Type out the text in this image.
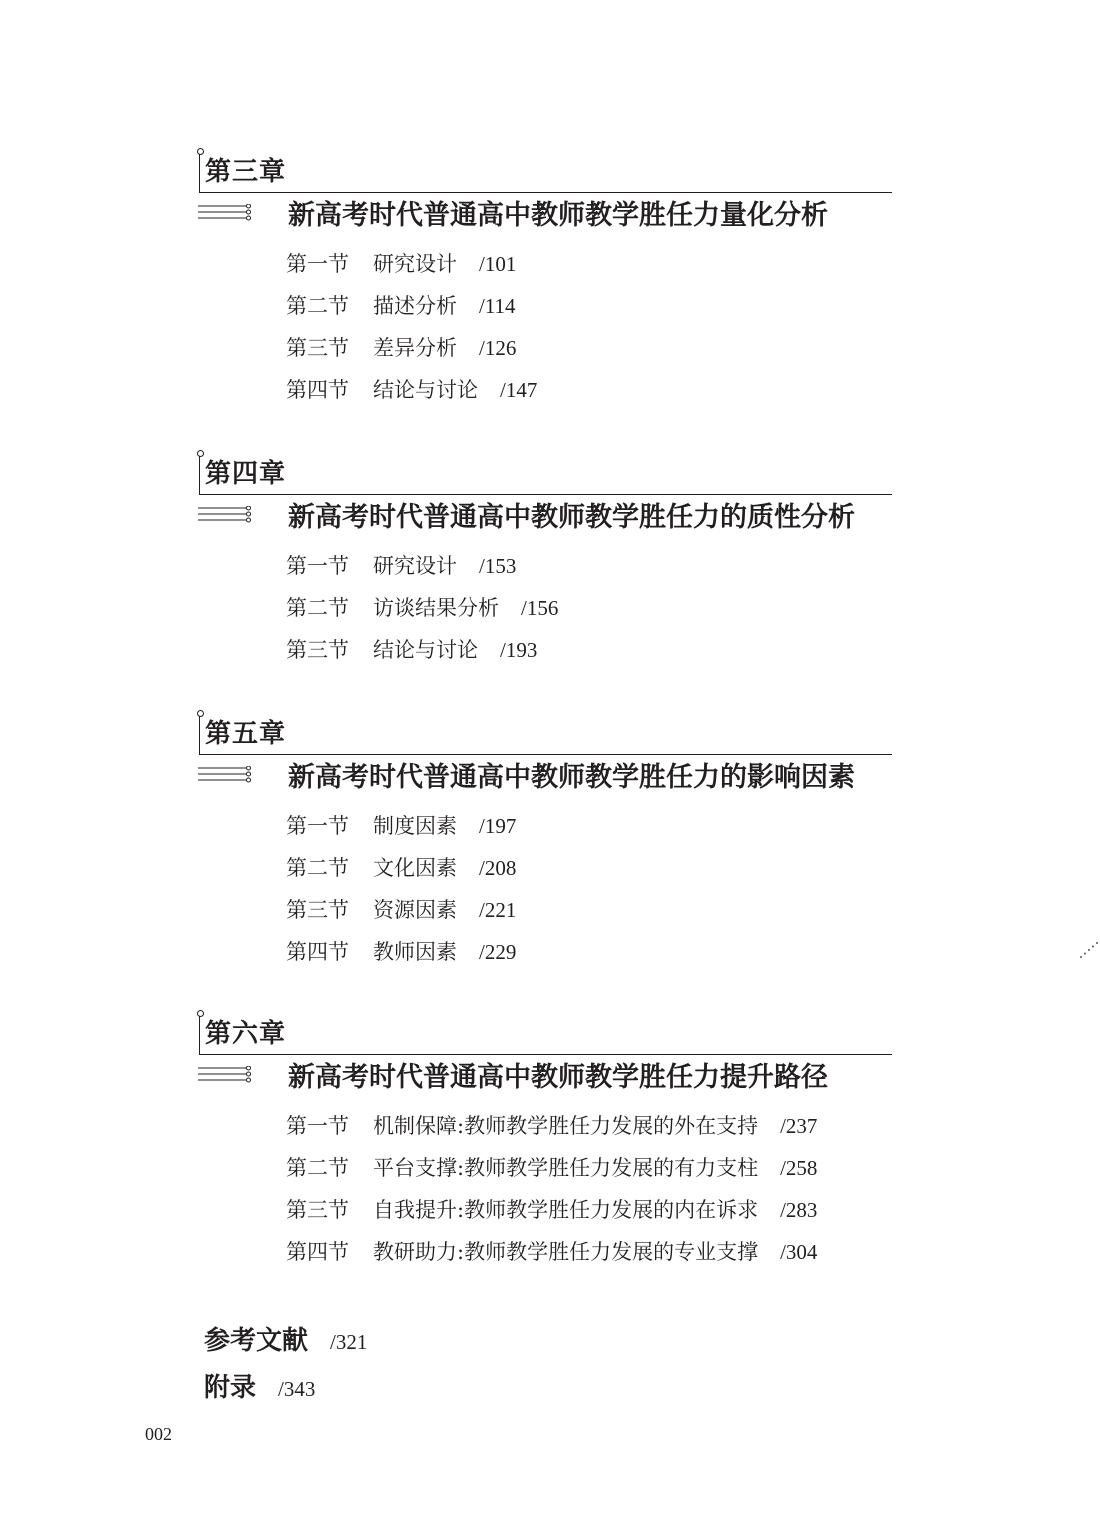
第三章
新高考时代普通高中教师教学胜任力量化分析
第一节 研究设计 /101
第二节 描述分析 /114
第三节 差异分析 /126
第四节 结论与讨论 /147
第四章
新高考时代普通高中教师教学胜任力的质性分析
第一节 研究设计 /153
第二节 访谈结果分析 /156
第三节 结论与讨论 /193
第五章
新高考时代普通高中教师教学胜任力的影响因素
第一节 制度因素 /197
第二节 文化因素 /208
第三节 资源因素 /221
第四节 教师因素 /229
第六章
新高考时代普通高中教师教学胜任力提升路径
第一节 机制保障:教师教学胜任力发展的外在支持 /237
第二节 平台支撑:教师教学胜任力发展的有力支柱 /258
第三节 自我提升:教师教学胜任力发展的内在诉求 /283
第四节 教研助力:教师教学胜任力发展的专业支撑 /304
参考文献 /321
附录 /343
002
